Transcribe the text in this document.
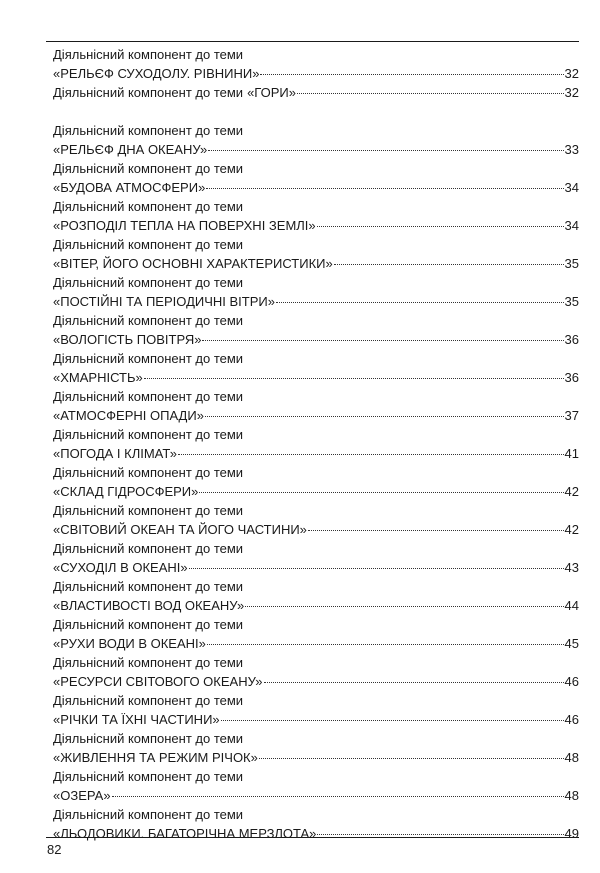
Діяльнісний компонент до теми
«РЕЛЬЄФ СУХОДОЛУ. РІВНИНИ»	32
Діяльнісний компонент до теми «ГОРИ»	32
Діяльнісний компонент до теми
«РЕЛЬЄФ ДНА ОКЕАНУ»	33
Діяльнісний компонент до теми
«БУДОВА АТМОСФЕРИ»	34
Діяльнісний компонент до теми
«РОЗПОДІЛ ТЕПЛА НА ПОВЕРХНІ ЗЕМЛІ»	34
Діяльнісний компонент до теми
«ВІТЕР, ЙОГО ОСНОВНІ ХАРАКТЕРИСТИКИ»	35
Діяльнісний компонент до теми
«ПОСТІЙНІ ТА ПЕРІОДИЧНІ ВІТРИ»	35
Діяльнісний компонент до теми
«ВОЛОГІСТЬ ПОВІТРЯ»	36
Діяльнісний компонент до теми
«ХМАРНІСТЬ»	36
Діяльнісний компонент до теми
«АТМОСФЕРНІ ОПАДИ»	37
Діяльнісний компонент до теми
«ПОГОДА І КЛІМАТ»	41
Діяльнісний компонент до теми
«СКЛАД ГІДРОСФЕРИ»	42
Діяльнісний компонент до теми
«СВІТОВИЙ ОКЕАН ТА ЙОГО ЧАСТИНИ»	42
Діяльнісний компонент до теми
«СУХОДІЛ В ОКЕАНІ»	43
Діяльнісний компонент до теми
«ВЛАСТИВОСТІ ВОД ОКЕАНУ»	44
Діяльнісний компонент до теми
«РУХИ ВОДИ В ОКЕАНІ»	45
Діяльнісний компонент до теми
«РЕСУРСИ СВІТОВОГО ОКЕАНУ»	46
Діяльнісний компонент до теми
«РІЧКИ ТА ЇХНІ ЧАСТИНИ»	46
Діяльнісний компонент до теми
«ЖИВЛЕННЯ ТА РЕЖИМ РІЧОК»	48
Діяльнісний компонент до теми
«ОЗЕРА»	48
Діяльнісний компонент до теми
«ЛЬОДОВИКИ. БАГАТОРІЧНА МЕРЗЛОТА»	49
82
